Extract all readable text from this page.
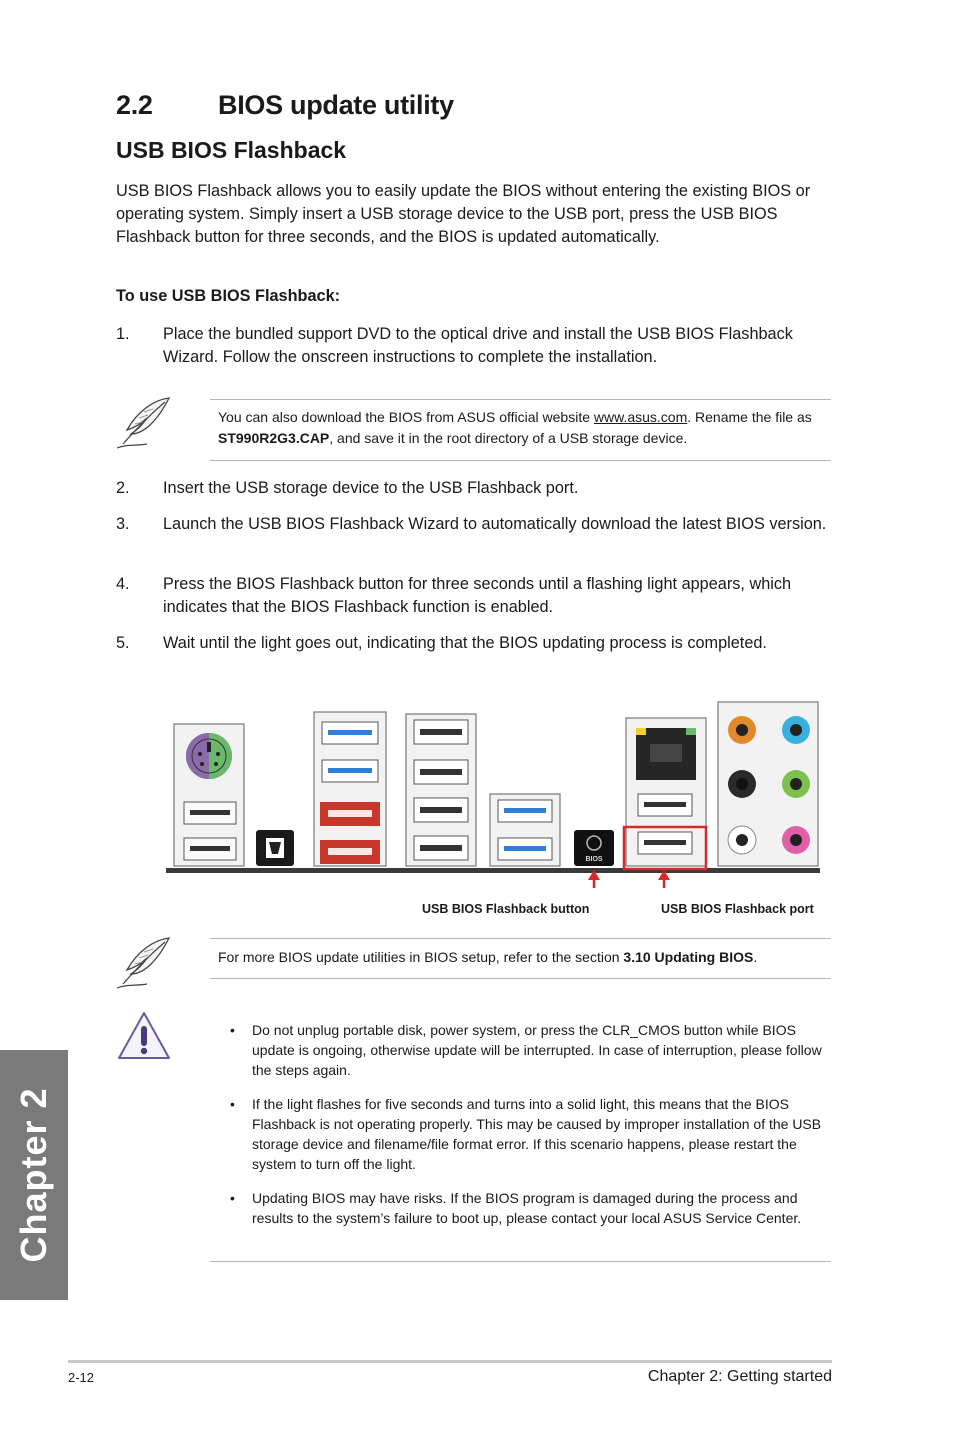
2.2 BIOS update utility
USB BIOS Flashback
USB BIOS Flashback allows you to easily update the BIOS without entering the existing BIOS or operating system. Simply insert a USB storage device to the USB port, press the USB BIOS Flashback button for three seconds, and the BIOS is updated automatically.
To use USB BIOS Flashback:
1. Place the bundled support DVD to the optical drive and install the USB BIOS Flashback Wizard. Follow the onscreen instructions to complete the installation.
You can also download the BIOS from ASUS official website www.asus.com. Rename the file as ST990R2G3.CAP, and save it in the root directory of a USB storage device.
2. Insert the USB storage device to the USB Flashback port.
3. Launch the USB BIOS Flashback Wizard to automatically download the latest BIOS version.
4. Press the BIOS Flashback button for three seconds until a flashing light appears, which indicates that the BIOS Flashback function is enabled.
5. Wait until the light goes out, indicating that the BIOS updating process is completed.
BIOS
USB BIOS Flashback button	USB BIOS Flashback port
For more BIOS update utilities in BIOS setup, refer to the section 3.10 Updating BIOS.
• Do not unplug portable disk, power system, or press the CLR_CMOS button while BIOS update is ongoing, otherwise update will be interrupted. In case of interruption, please follow the steps again.
• If the light flashes for five seconds and turns into a solid light, this means that the BIOS Flashback is not operating properly. This may be caused by improper installation of the USB storage device and filename/file format error. If this scenario happens, please restart the system to turn off the light.
• Updating BIOS may have risks. If the BIOS program is damaged during the process and results to the system’s failure to boot up, please contact your local ASUS Service Center.
Chapter 2
2-12	Chapter 2: Getting started
